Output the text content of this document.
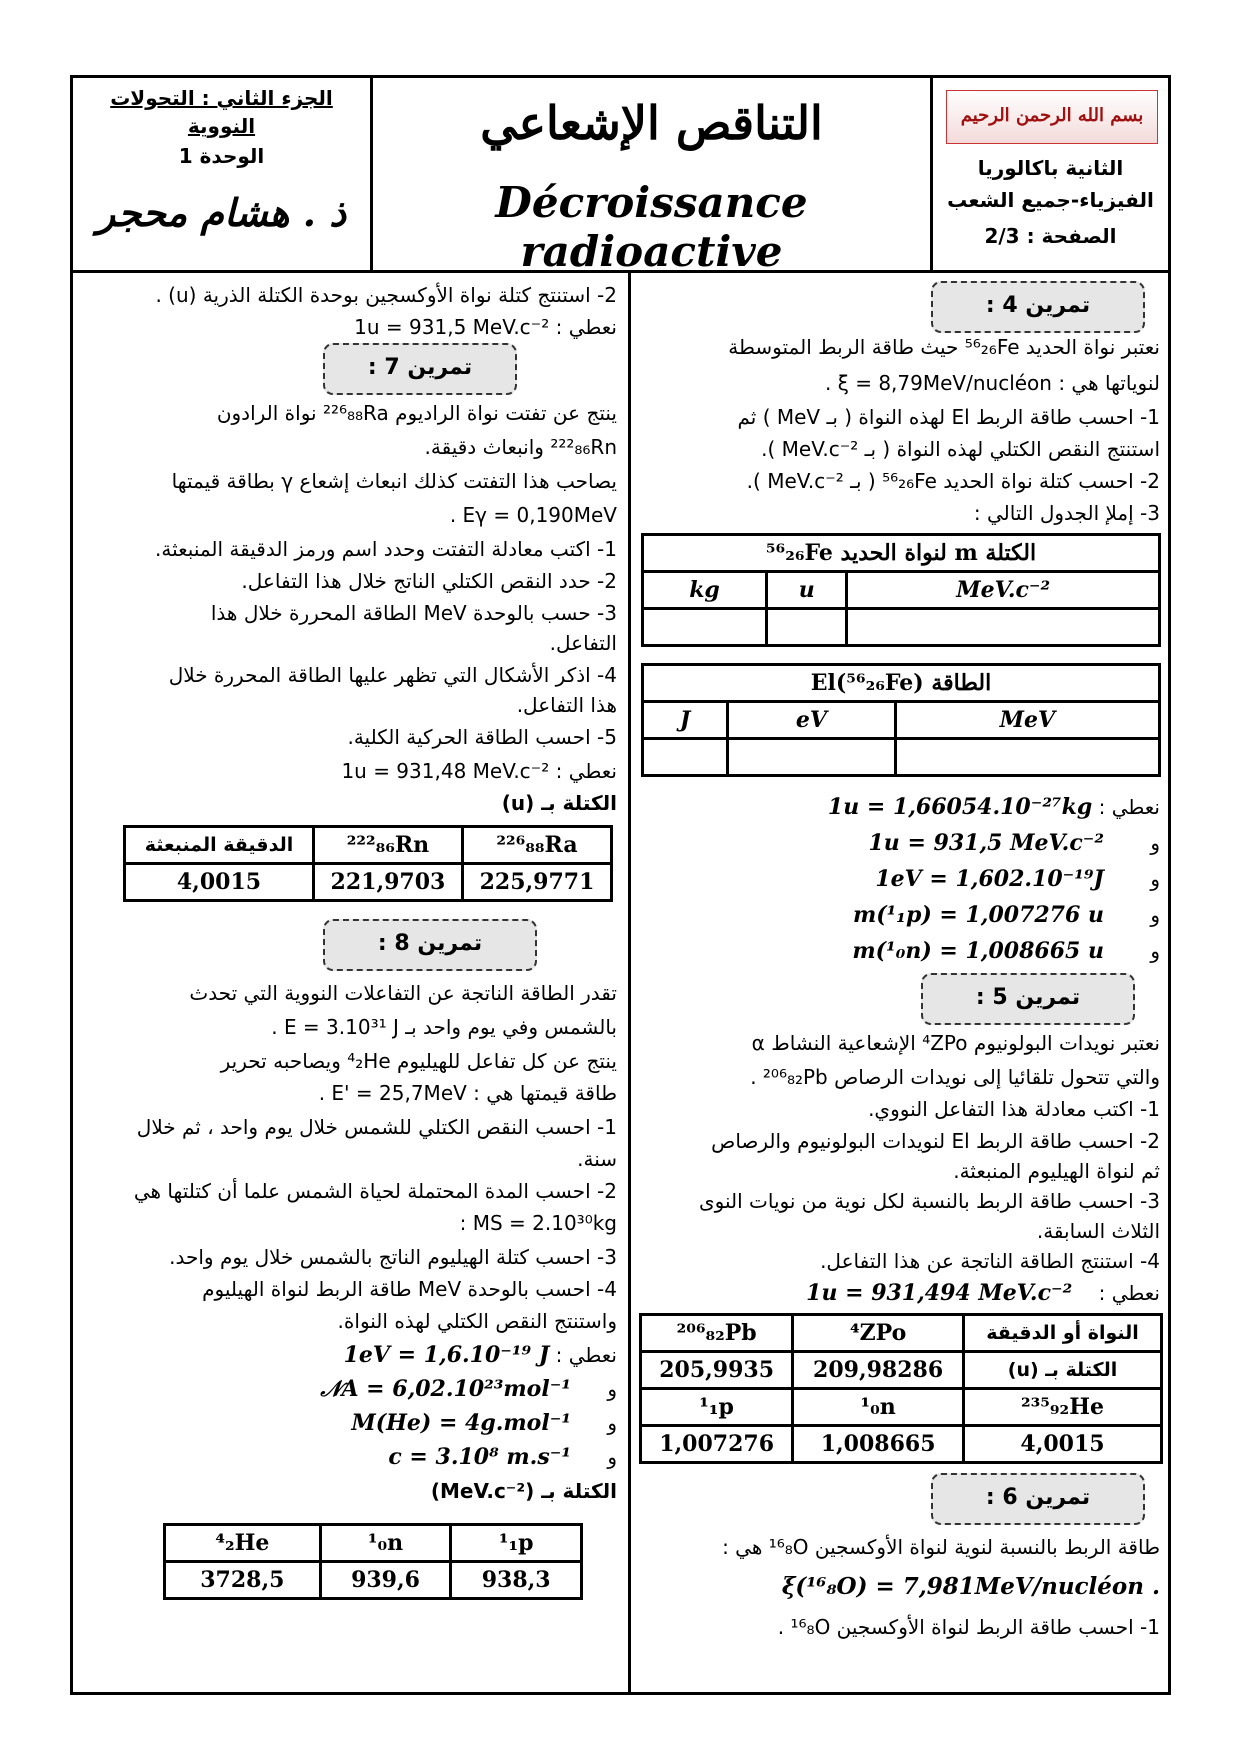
الجزء الثاني : التحولات
النووية
الوحدة 1
ذ . هشام محجر
التناقص الإشعاعي
Décroissance radioactive
بسم الله الرحمن الرحيم
الثانية باكالوريا
الفيزياء-جميع الشعب
الصفحة : 2/3
تمرين 4 :
نعتبر نواة الحديد ⁵⁶₂₆Fe حيث طاقة الربط المتوسطة
لنوياتها هي : ξ = 8,79MeV/nucléon .
1- احسب طاقة الربط El لهذه النواة ( بـ MeV ) ثم
استنتج النقص الكتلي لهذه النواة ( بـ MeV.c⁻² ).
2- احسب كتلة نواة الحديد ⁵⁶₂₆Fe ( بـ MeV.c⁻² ).
3- إملإ الجدول التالي :
الكتلة m لنواة الحديد ⁵⁶₂₆Fe		
kg	u	MeV.c⁻²

الطاقة El(⁵⁶₂₆Fe)		
J	eV	MeV

نعطي : 1u = 1,66054.10⁻²⁷kg
و 1u = 931,5 MeV.c⁻²
و 1eV = 1,602.10⁻¹⁹J
و m(¹₁p) = 1,007276 u
و m(¹₀n) = 1,008665 u
تمرين 5 :
نعتبر نويدات البولونيوم ⁴ZPo الإشعاعية النشاط α
والتي تتحول تلقائيا إلى نويدات الرصاص ²⁰⁶₈₂Pb .
1- اكتب معادلة هذا التفاعل النووي.
2- احسب طاقة الربط El لنويدات البولونيوم والرصاص
ثم لنواة الهيليوم المنبعثة.
3- احسب طاقة الربط بالنسبة لكل نوية من نويات النوى
الثلاث السابقة.
4- استنتج الطاقة الناتجة عن هذا التفاعل.
نعطي : 1u = 931,494 MeV.c⁻²
²⁰⁶₈₂Pb	⁴ZPo	النواة أو الدقيقة
205,9935	209,98286	الكتلة بـ (u)
¹₁p	¹₀n	²³⁵₉₂He
1,007276	1,008665	4,0015
تمرين 6 :
طاقة الربط بالنسبة لنوية لنواة الأوكسجين ¹⁶₈O هي :
ξ(¹⁶₈O) = 7,981MeV/nucléon .
1- احسب طاقة الربط لنواة الأوكسجين ¹⁶₈O .
2- استنتج كتلة نواة الأوكسجين بوحدة الكتلة الذرية (u) .
نعطي : 1u = 931,5 MeV.c⁻²
تمرين 7 :
ينتج عن تفتت نواة الراديوم ²²⁶₈₈Ra نواة الرادون
²²²₈₆Rn وانبعاث دقيقة.
يصاحب هذا التفتت كذلك انبعاث إشعاع γ بطاقة قيمتها
Eγ = 0,190MeV .
1- اكتب معادلة التفتت وحدد اسم ورمز الدقيقة المنبعثة.
2- حدد النقص الكتلي الناتج خلال هذا التفاعل.
3- حسب بالوحدة MeV الطاقة المحررة خلال هذا
التفاعل.
4- اذكر الأشكال التي تظهر عليها الطاقة المحررة خلال
هذا التفاعل.
5- احسب الطاقة الحركية الكلية.
نعطي : 1u = 931,48 MeV.c⁻²
الكتلة بـ (u)
الدقيقة المنبعثة	²²²₈₆Rn	²²⁶₈₈Ra
4,0015	221,9703	225,9771
تمرين 8 :
تقدر الطاقة الناتجة عن التفاعلات النووية التي تحدث
بالشمس وفي يوم واحد بـ E = 3.10³¹ J .
ينتج عن كل تفاعل للهيليوم ⁴₂He ويصاحبه تحرير
طاقة قيمتها هي : E' = 25,7MeV .
1- احسب النقص الكتلي للشمس خلال يوم واحد ، ثم خلال
سنة.
2- احسب المدة المحتملة لحياة الشمس علما أن كتلتها هي
MS = 2.10³⁰kg :
3- احسب كتلة الهيليوم الناتج بالشمس خلال يوم واحد.
4- احسب بالوحدة MeV طاقة الربط لنواة الهيليوم
واستنتج النقص الكتلي لهذه النواة.
نعطي : 1eV = 1,6.10⁻¹⁹ J
و 𝒩A = 6,02.10²³mol⁻¹
و M(He) = 4g.mol⁻¹
و c = 3.10⁸ m.s⁻¹
الكتلة بـ (MeV.c⁻²)
⁴₂He	¹₀n	¹₁p
3728,5	939,6	938,3
